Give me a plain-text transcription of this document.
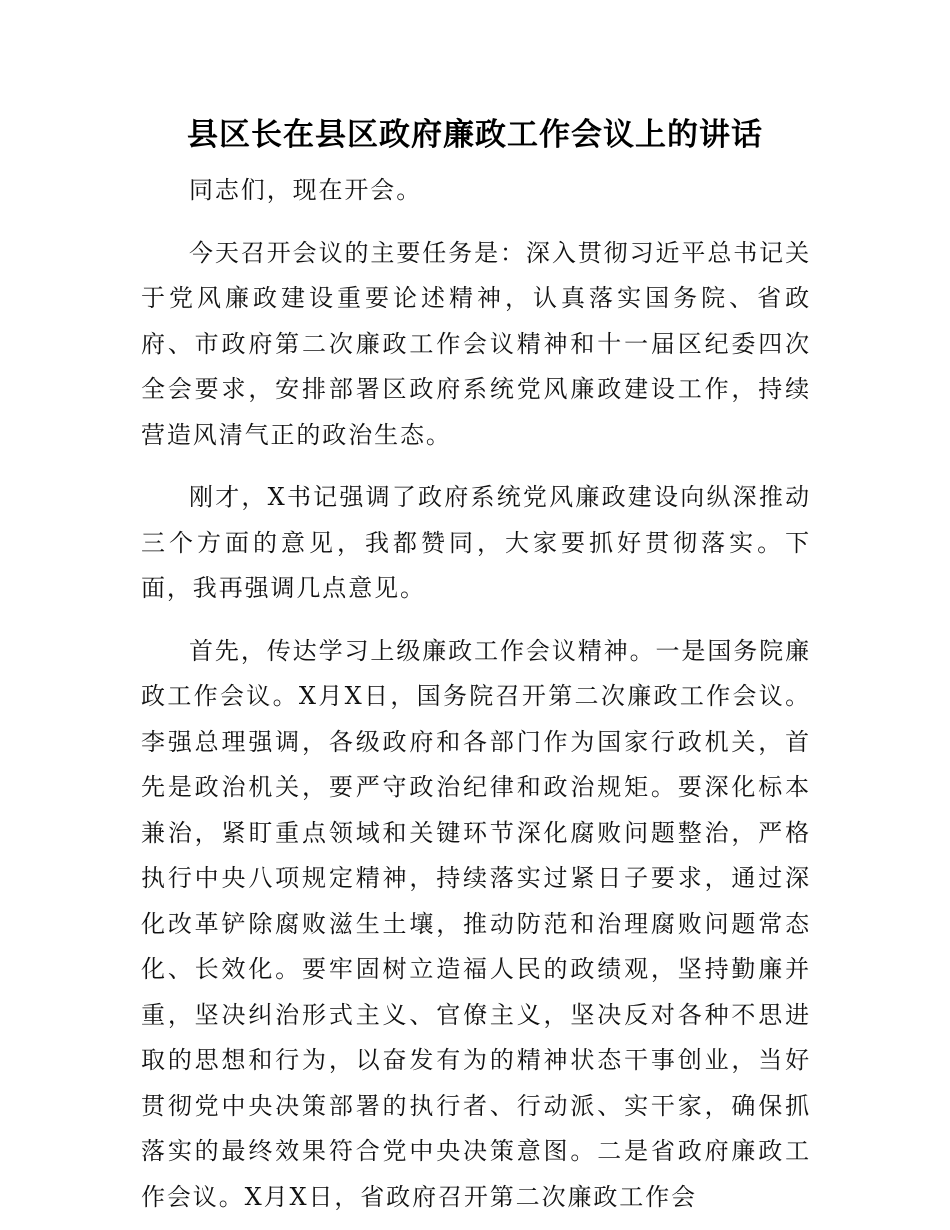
县区长在县区政府廉政工作会议上的讲话

同志们，现在开会。

今天召开会议的主要任务是：深入贯彻习近平总书记关于党风廉政建设重要论述精神，认真落实国务院、省政府、市政府第二次廉政工作会议精神和十一届区纪委四次全会要求，安排部署区政府系统党风廉政建设工作，持续营造风清气正的政治生态。

刚才，X书记强调了政府系统党风廉政建设向纵深推动三个方面的意见，我都赞同，大家要抓好贯彻落实。下面，我再强调几点意见。

首先，传达学习上级廉政工作会议精神。一是国务院廉政工作会议。X月X日，国务院召开第二次廉政工作会议。李强总理强调，各级政府和各部门作为国家行政机关，首先是政治机关，要严守政治纪律和政治规矩。要深化标本兼治，紧盯重点领域和关键环节深化腐败问题整治，严格执行中央八项规定精神，持续落实过紧日子要求，通过深化改革铲除腐败滋生土壤，推动防范和治理腐败问题常态化、长效化。要牢固树立造福人民的政绩观，坚持勤廉并重，坚决纠治形式主义、官僚主义，坚决反对各种不思进取的思想和行为，以奋发有为的精神状态干事创业，当好贯彻党中央决策部署的执行者、行动派、实干家，确保抓落实的最终效果符合党中央决策意图。二是省政府廉政工作会议。X月X日，省政府召开第二次廉政工作会
